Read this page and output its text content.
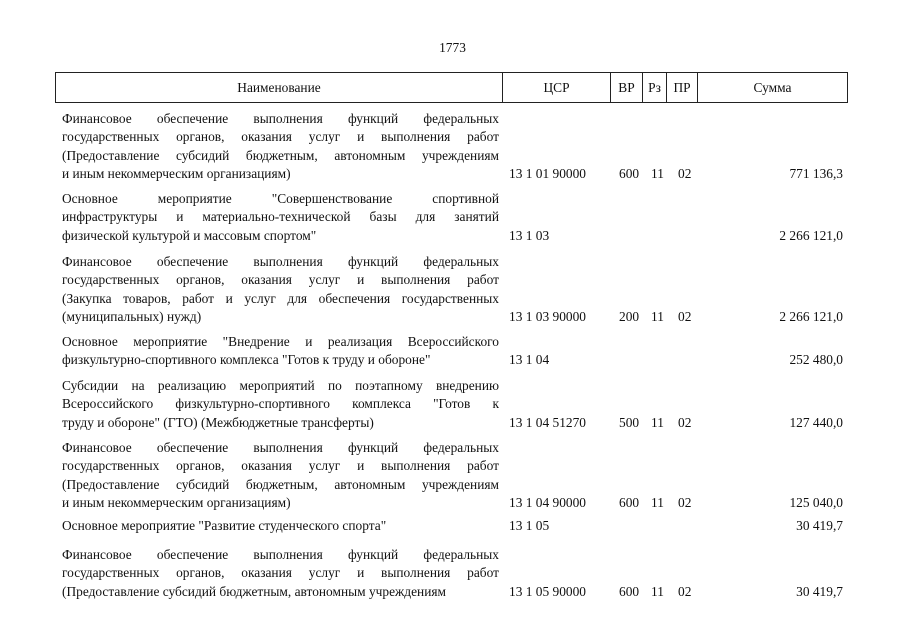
1773
Наименование	ЦСР	ВР	Рз ПР	Сумма
Финансовое обеспечение выполнения функций федеральных
государственных органов, оказания услуг и выполнения работ
(Предоставление субсидий бюджетным, автономным учреждениям
и иным некоммерческим организациям)	13 1 01 90000 600 11 02	771 136,3
Основное мероприятие "Совершенствование спортивной
инфраструктуры и материально-технической базы для занятий
физической культурой и массовым спортом"	13 1 03	2 266 121,0
Финансовое обеспечение выполнения функций федеральных
государственных органов, оказания услуг и выполнения работ
(Закупка товаров, работ и услуг для обеспечения государственных
(муниципальных) нужд)	13 1 03 90000 200 11 02	2 266 121,0
Основное мероприятие "Внедрение и реализация Всероссийского
физкультурно-спортивного комплекса "Готов к труду и обороне"	13 1 04	252 480,0
Субсидии на реализацию мероприятий по поэтапному внедрению
Всероссийского физкультурно-спортивного комплекса "Готов к
труду и обороне" (ГТО) (Межбюджетные трансферты)	13 1 04 51270 500 11 02	127 440,0
Финансовое обеспечение выполнения функций федеральных
государственных органов, оказания услуг и выполнения работ
(Предоставление субсидий бюджетным, автономным учреждениям
и иным некоммерческим организациям)	13 1 04 90000 600 11 02	125 040,0
Основное мероприятие "Развитие студенческого спорта"	13 1 05	30 419,7
Финансовое обеспечение выполнения функций федеральных
государственных органов, оказания услуг и выполнения работ
(Предоставление субсидий бюджетным, автономным учреждениям	13 1 05 90000 600 11 02	30 419,7
